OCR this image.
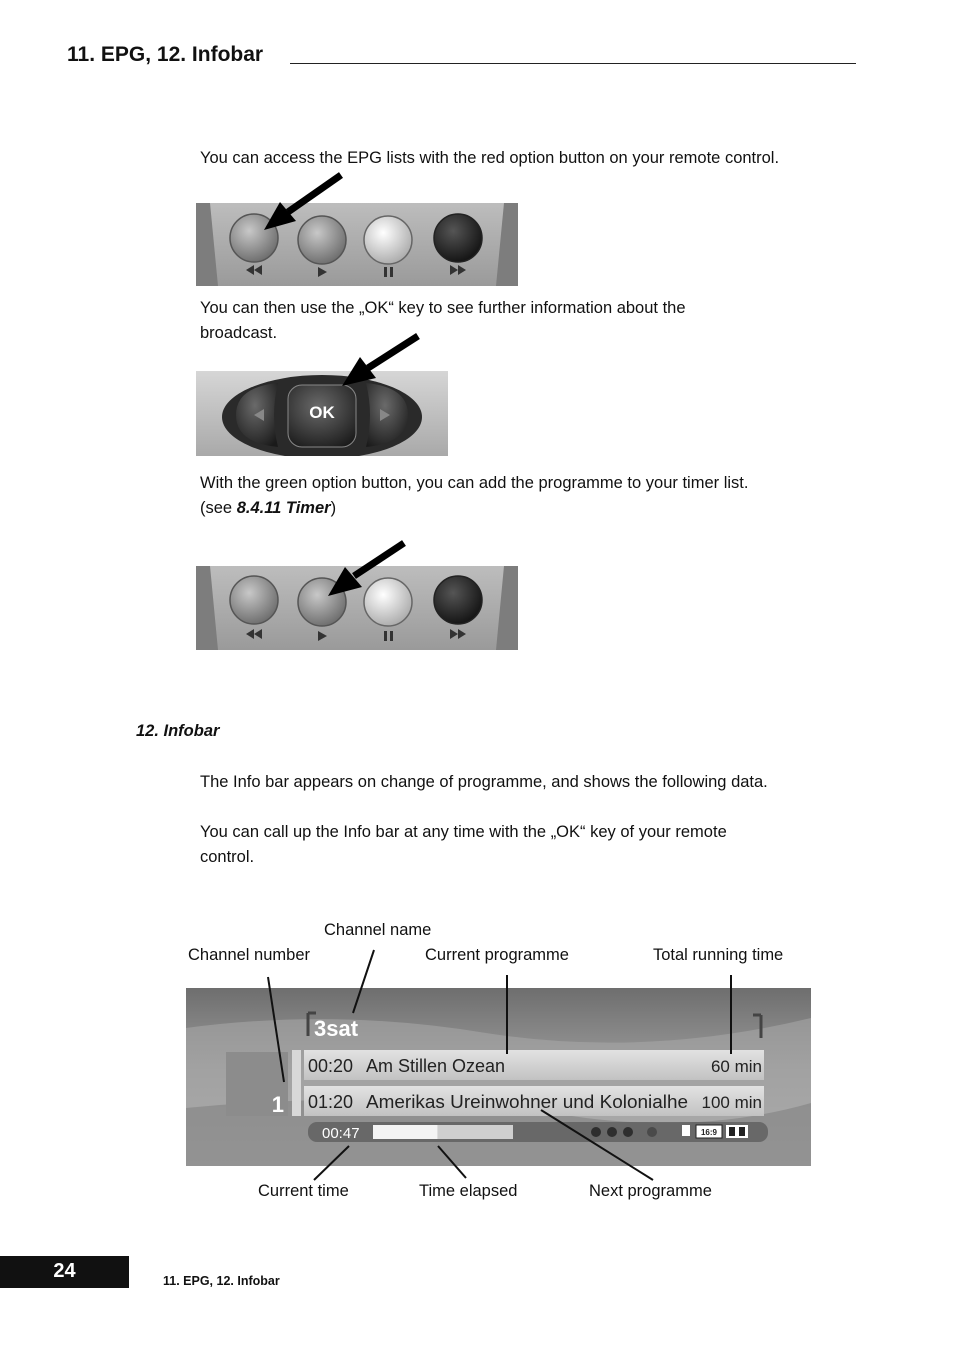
11. EPG, 12. Infobar
You can access the EPG lists with the red option button on your remote control.
You can then use the „OK“ key to see further information about the
broadcast.
OK
With the green option button, you can add the programme to your timer list.
(see 8.4.11 Timer)
12. Infobar
The Info bar appears on change of programme, and shows the following data.
You can call up the Info bar at any time with the „OK“ key of your remote
control.
Channel name
Channel number	Current programme	Total running time
3sat
1
00:20 Am Stillen Ozean	60 min
01:20 Amerikas Ureinwohner und Kolonialhe 100 min
00:47	16:9
Current time	Time elapsed	Next programme
24	11. EPG, 12. Infobar
